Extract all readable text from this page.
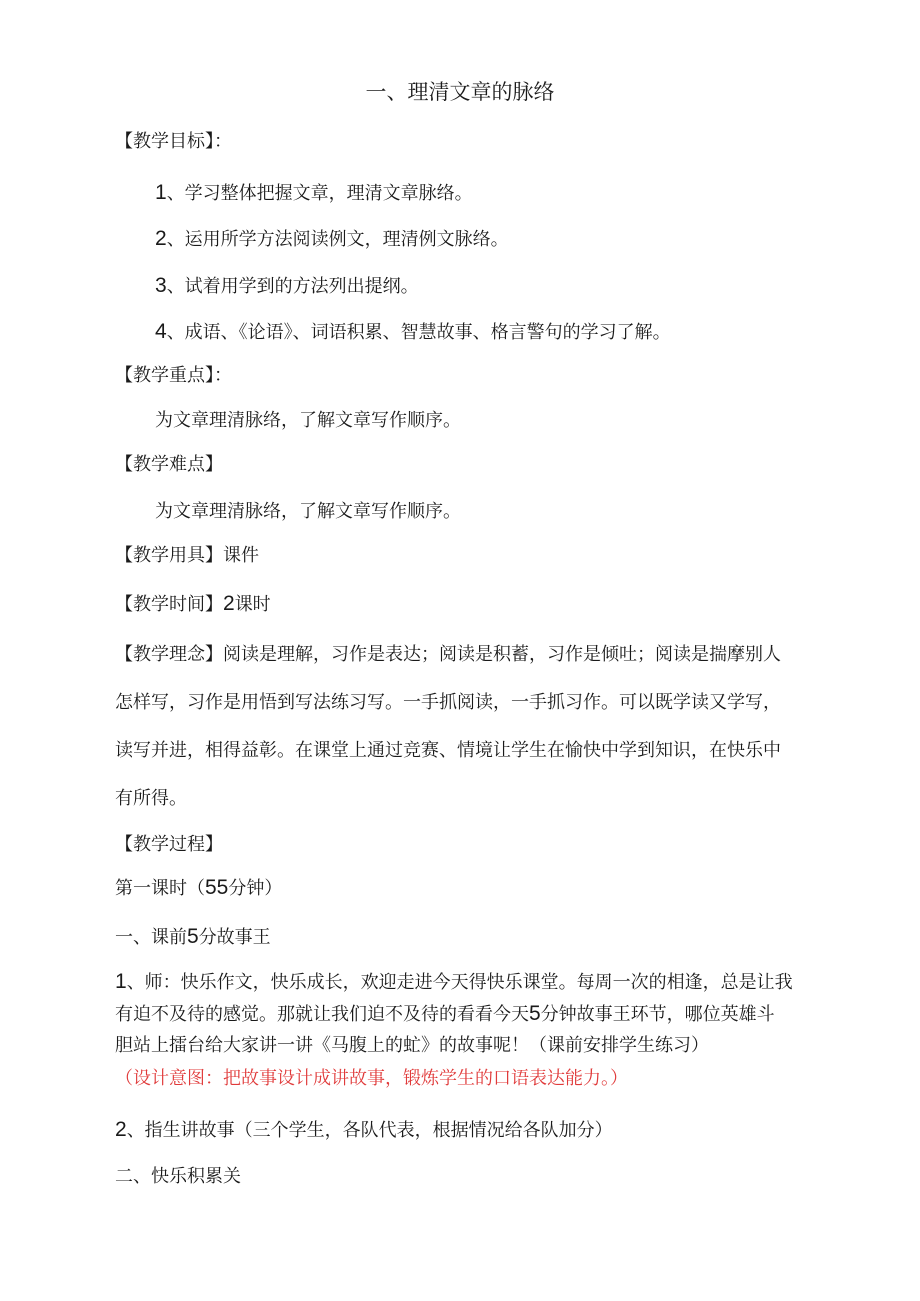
一、理清文章的脉络
【教学目标】：
1、学习整体把握文章，理清文章脉络。
2、运用所学方法阅读例文，理清例文脉络。
3、试着用学到的方法列出提纲。
4、成语、《论语》、词语积累、智慧故事、格言警句的学习了解。
【教学重点】：
为文章理清脉络，了解文章写作顺序。
【教学难点】
为文章理清脉络，了解文章写作顺序。
【教学用具】课件
【教学时间】2课时
【教学理念】阅读是理解，习作是表达；阅读是积蓄，习作是倾吐；阅读是揣摩别人
怎样写，习作是用悟到写法练习写。一手抓阅读，一手抓习作。可以既学读又学写，
读写并进，相得益彰。在课堂上通过竞赛、情境让学生在愉快中学到知识，在快乐中
有所得。
【教学过程】
第一课时（55分钟）
一、课前5分故事王
1、师：快乐作文，快乐成长，欢迎走进今天得快乐课堂。每周一次的相逢，总是让我
有迫不及待的感觉。那就让我们迫不及待的看看今天5分钟故事王环节，哪位英雄斗
胆站上擂台给大家讲一讲《马腹上的虻》的故事呢！（课前安排学生练习）
（设计意图：把故事设计成讲故事，锻炼学生的口语表达能力。）
2、指生讲故事（三个学生，各队代表，根据情况给各队加分）
二、快乐积累关
